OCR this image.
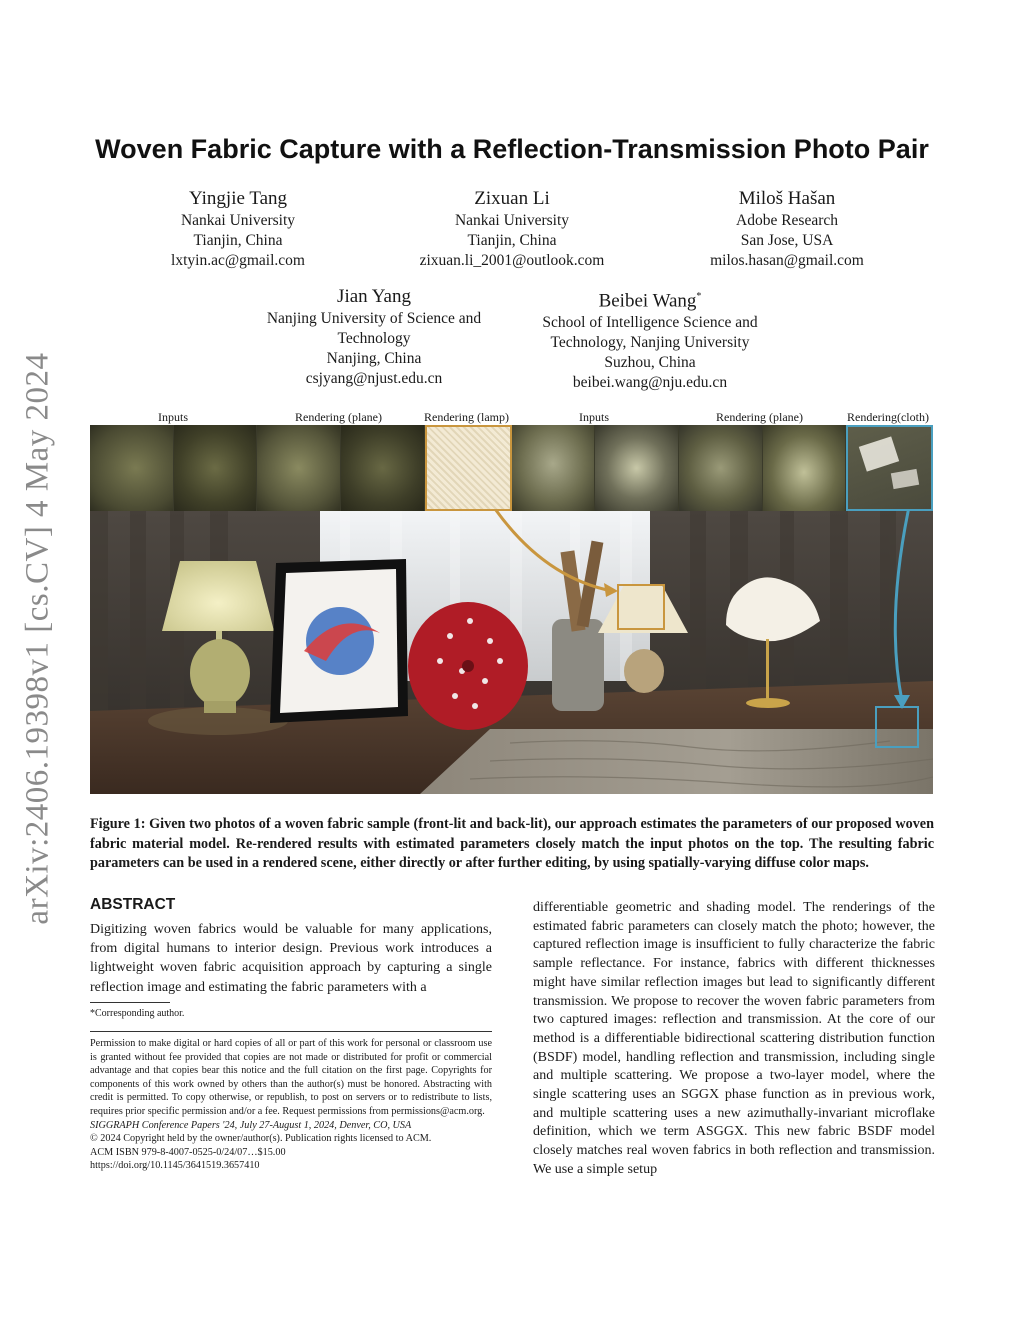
arXiv:2406.19398v1 [cs.CV] 4 May 2024
Woven Fabric Capture with a Reflection-Transmission Photo Pair
Yingjie Tang
Nankai University
Tianjin, China
lxtyin.ac@gmail.com
Zixuan Li
Nankai University
Tianjin, China
zixuan.li_2001@outlook.com
Miloš Hašan
Adobe Research
San Jose, USA
milos.hasan@gmail.com
Jian Yang
Nanjing University of Science and
Technology
Nanjing, China
csjyang@njust.edu.cn
Beibei Wang*
School of Intelligence Science and
Technology, Nanjing University
Suzhou, China
beibei.wang@nju.edu.cn
Inputs	Rendering (plane)	Rendering (lamp)	Inputs	Rendering (plane)	Rendering(cloth)
Figure 1: Given two photos of a woven fabric sample (front-lit and back-lit), our approach estimates the parameters of our proposed woven fabric material model. Re-rendered results with estimated parameters closely match the input photos on the top. The resulting fabric parameters can be used in a rendered scene, either directly or after further editing, by using spatially-varying diffuse color maps.
ABSTRACT
Digitizing woven fabrics would be valuable for many applications, from digital humans to interior design. Previous work introduces a lightweight woven fabric acquisition approach by capturing a single reflection image and estimating the fabric parameters with a
differentiable geometric and shading model. The renderings of the estimated fabric parameters can closely match the photo; however, the captured reflection image is insufficient to fully characterize the fabric sample reflectance. For instance, fabrics with different thicknesses might have similar reflection images but lead to significantly different transmission. We propose to recover the woven fabric parameters from two captured images: reflection and transmission. At the core of our method is a differentiable bidirectional scattering distribution function (BSDF) model, handling reflection and transmission, including single and multiple scattering. We propose a two-layer model, where the single scattering uses an SGGX phase function as in previous work, and multiple scattering uses a new azimuthally-invariant microflake definition, which we term ASGGX. This new fabric BSDF model closely matches real woven fabrics in both reflection and transmission. We use a simple setup
*Corresponding author.
Permission to make digital or hard copies of all or part of this work for personal or classroom use is granted without fee provided that copies are not made or distributed for profit or commercial advantage and that copies bear this notice and the full citation on the first page. Copyrights for components of this work owned by others than the author(s) must be honored. Abstracting with credit is permitted. To copy otherwise, or republish, to post on servers or to redistribute to lists, requires prior specific permission and/or a fee. Request permissions from permissions@acm.org.
SIGGRAPH Conference Papers '24, July 27-August 1, 2024, Denver, CO, USA
© 2024 Copyright held by the owner/author(s). Publication rights licensed to ACM.
ACM ISBN 979-8-4007-0525-0/24/07…$15.00
https://doi.org/10.1145/3641519.3657410
